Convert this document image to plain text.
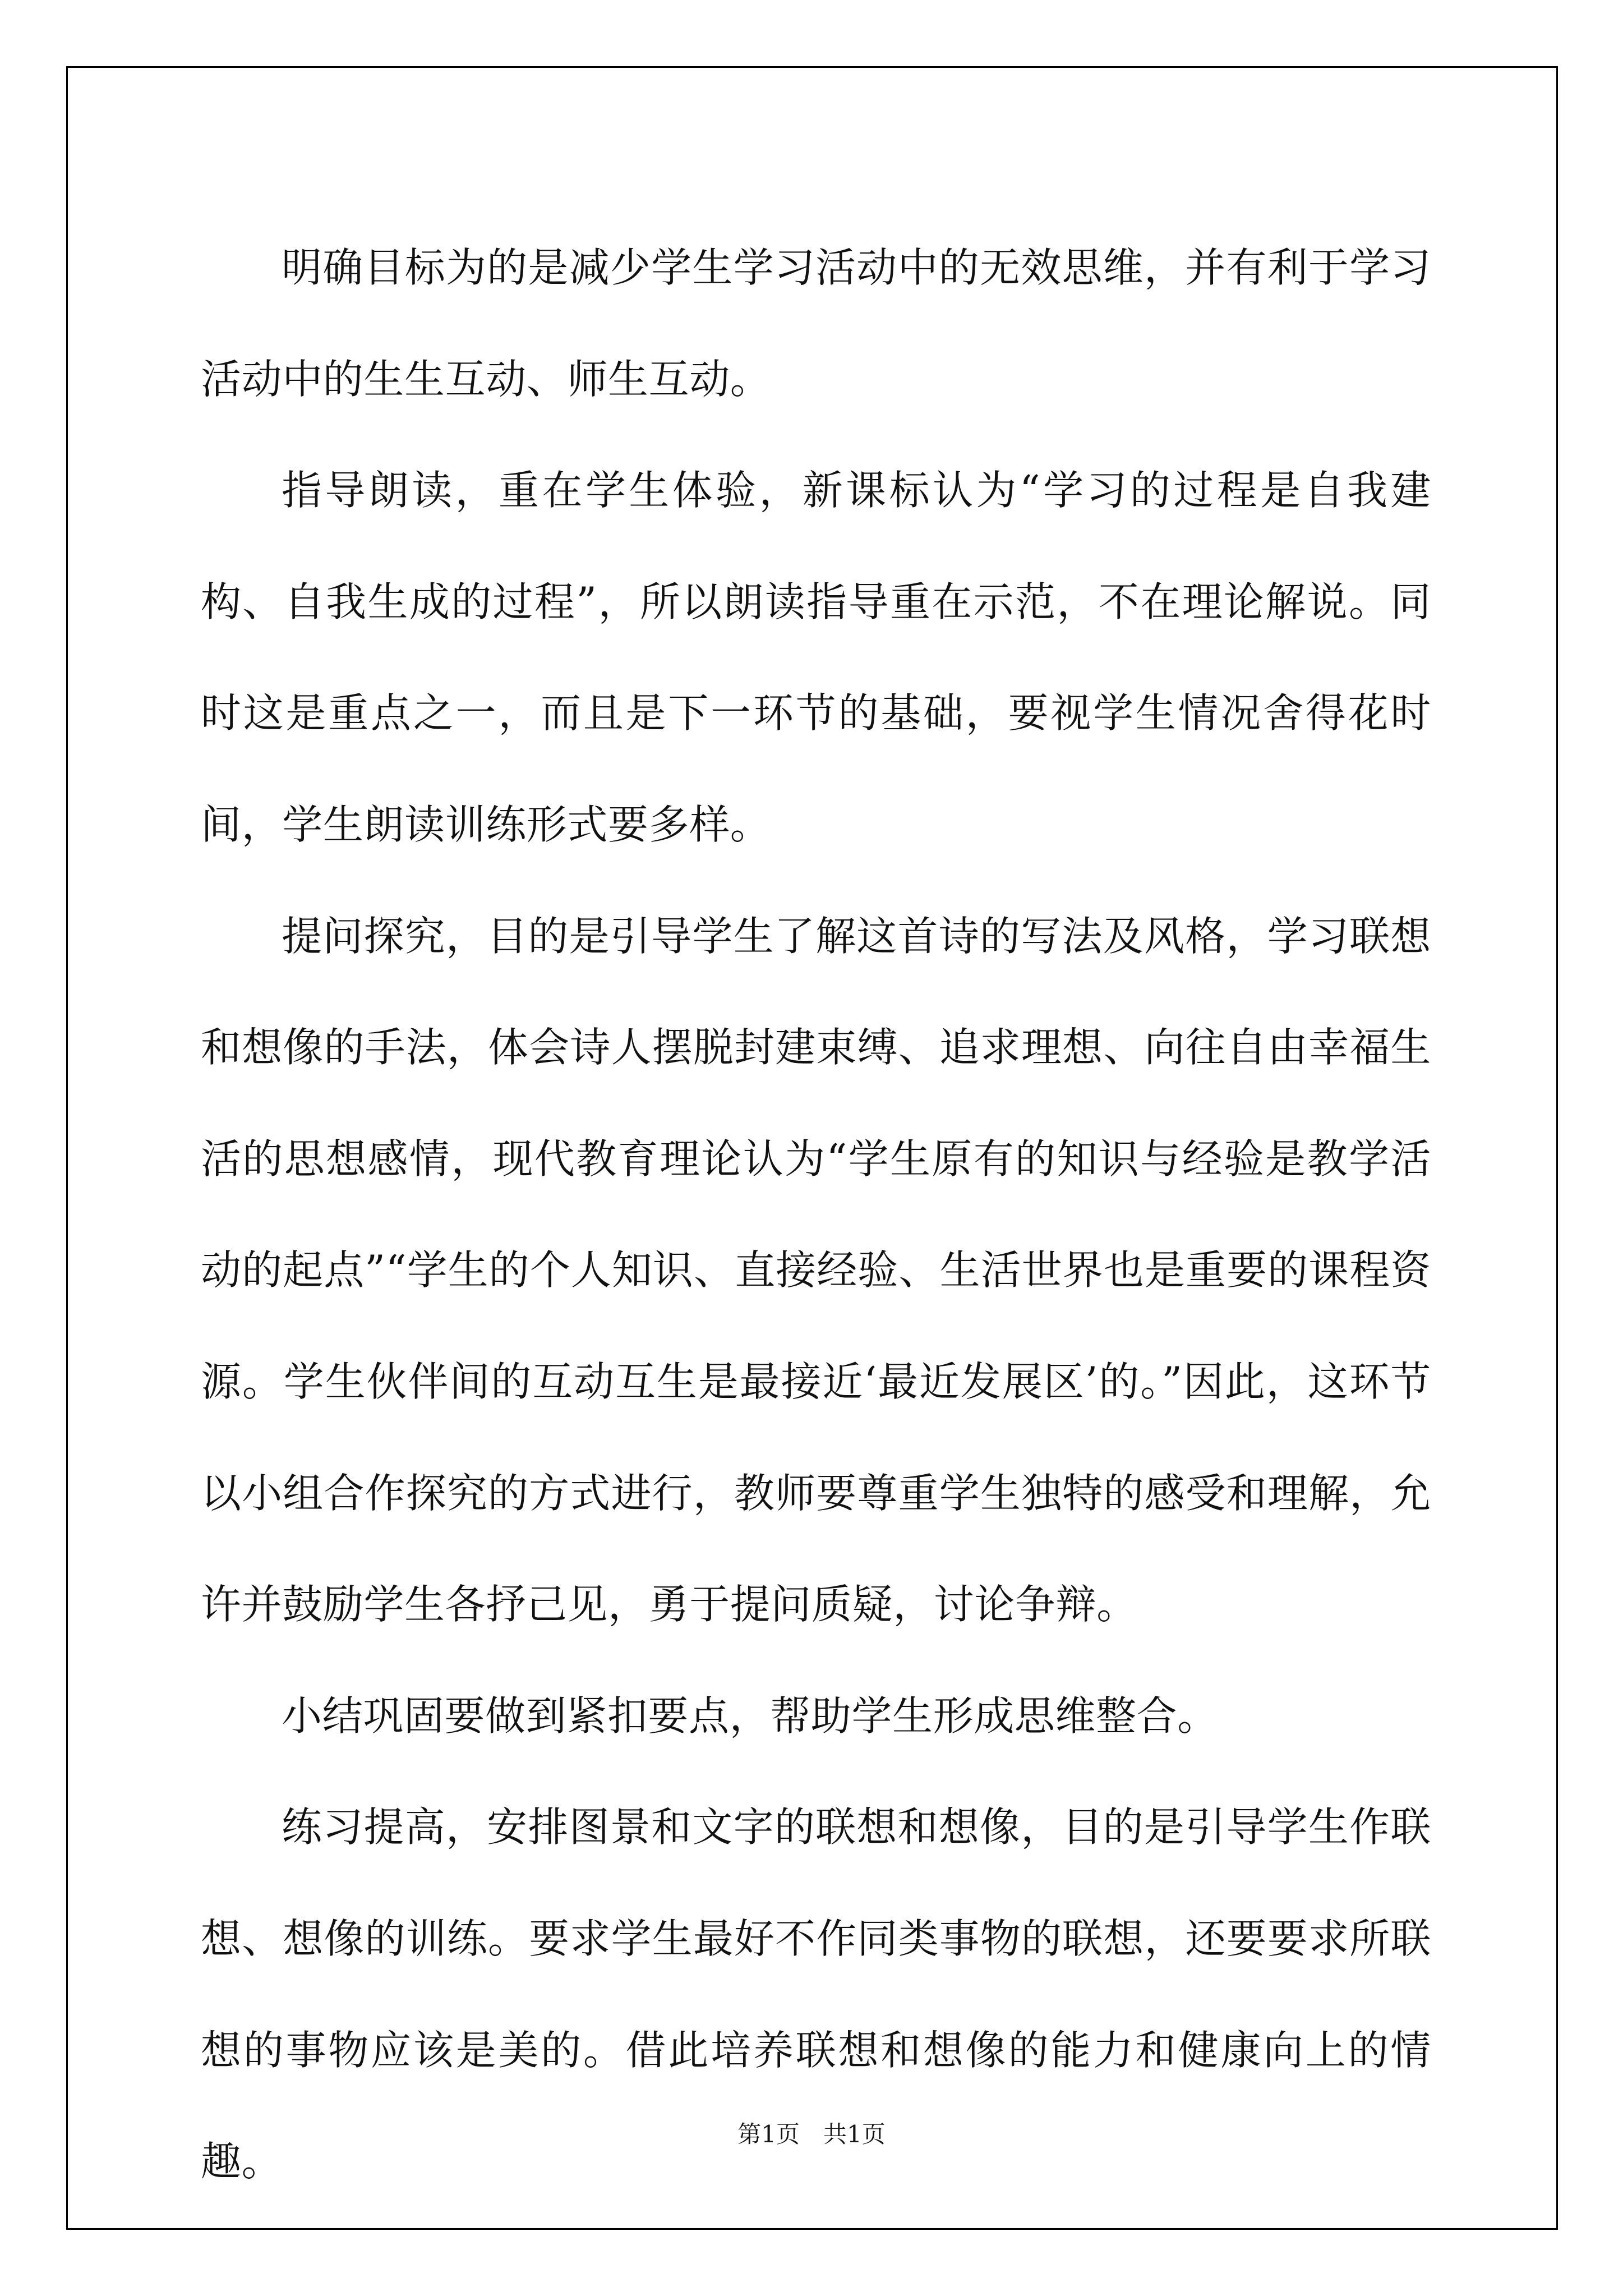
明确目标为的是减少学生学习活动中的无效思维，并有利于学习活动中的生生互动、师生互动。

指导朗读，重在学生体验，新课标认为“学习的过程是自我建构、自我生成的过程”，所以朗读指导重在示范，不在理论解说。同时这是重点之一，而且是下一环节的基础，要视学生情况舍得花时间，学生朗读训练形式要多样。

提问探究，目的是引导学生了解这首诗的写法及风格，学习联想和想像的手法，体会诗人摆脱封建束缚、追求理想、向往自由幸福生活的思想感情，现代教育理论认为“学生原有的知识与经验是教学活动的起点”“学生的个人知识、直接经验、生活世界也是重要的课程资源。学生伙伴间的互动互生是最接近‘最近发展区’的。”因此，这环节以小组合作探究的方式进行，教师要尊重学生独特的感受和理解，允许并鼓励学生各抒己见，勇于提问质疑，讨论争辩。

小结巩固要做到紧扣要点，帮助学生形成思维整合。

练习提高，安排图景和文字的联想和想像，目的是引导学生作联想、想像的训练。要求学生最好不作同类事物的联想，还要要求所联想的事物应该是美的。借此培养联想和想像的能力和健康向上的情趣。

第1页　共1页
